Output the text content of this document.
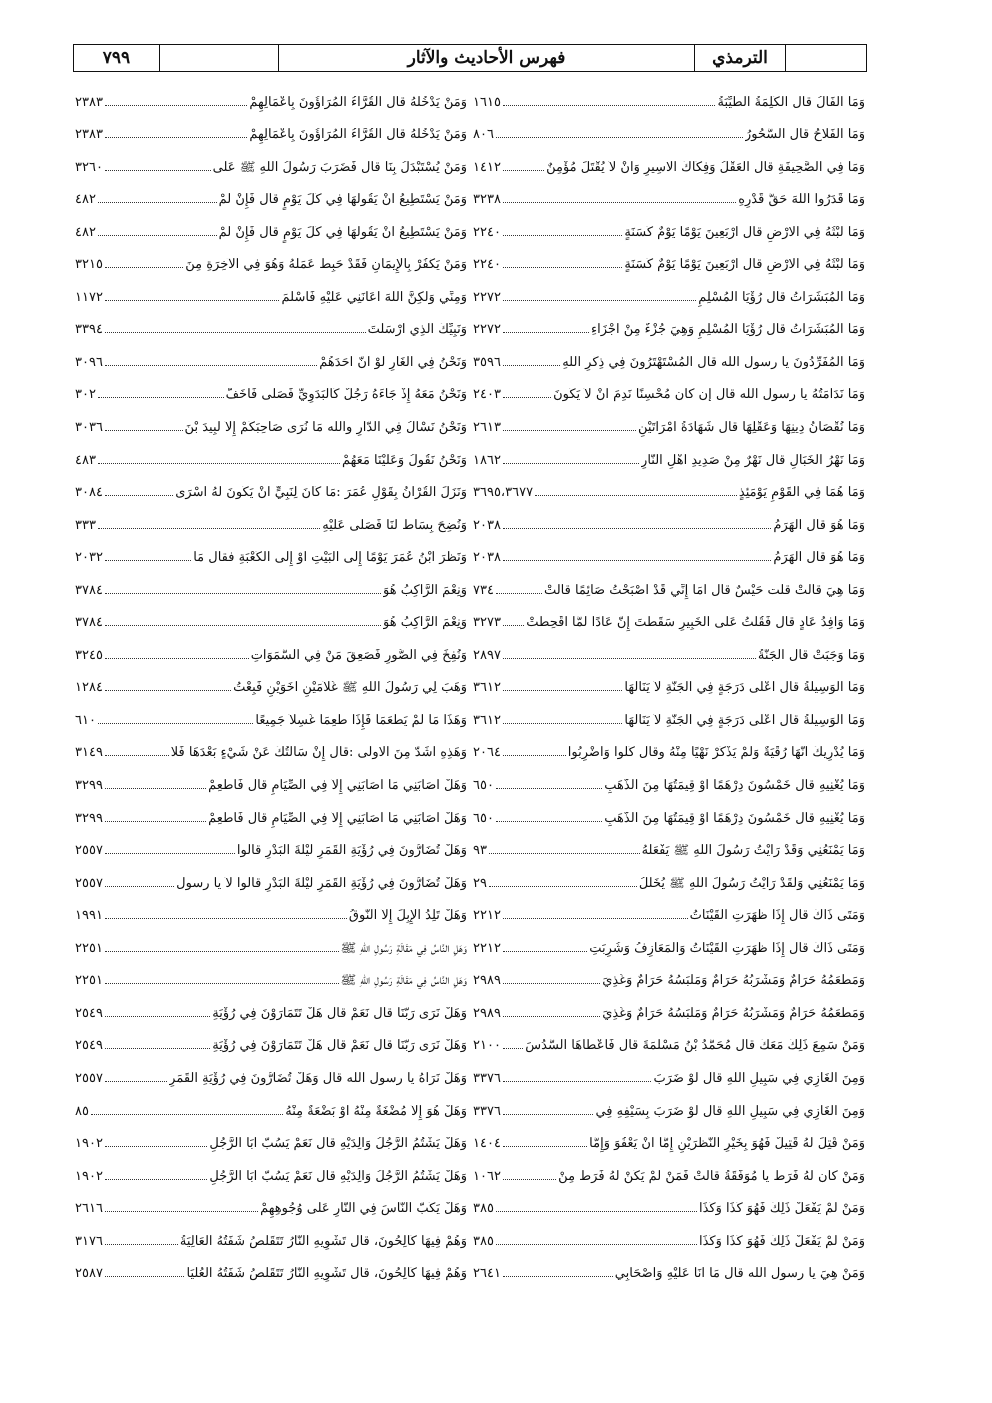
الترمذي
فهرس الأحاديث والآثار
٧٩٩
وَمَا الْفَأْلُ قال الْكَلِمَةُ الطَّيِّبَةُ
١٦١٥
وَمَا الْفَلاحُ قال السُّحُورُ
٨٠٦
وَمَا فِي الصَّحِيفَةِ قال الْعَقْلُ وَفِكَاكُ الأَسِيرِ وَأَنْ لاَ يُقْتَلَ مُؤْمِنٌ
١٤١٢
وَمَا قَدَرُوا اللهَ حَقَّ قَدْرِهِ
٣٢٣٨
وَمَا لَبْثُهُ فِي الأَرْضِ قال أَرْبَعِينَ يَوْمًا يَوْمٌ كَسَنَةٍ
٢٢٤٠
وَمَا لَبْثُهُ فِي الأَرْضِ قال أَرْبَعِينَ يَوْمًا يَوْمٌ كَسَنَةٍ
٢٢٤٠
وَمَا الْمُبَشِّرَاتُ قال رُؤْيَا الْمُسْلِمِ
٢٢٧٢
وَمَا الْمُبَشِّرَاتُ قال رُؤْيَا الْمُسْلِمِ وَهِيَ جُزْءٌ مِنْ أَجْزَاءِ
٢٢٧٢
وَمَا الْمُفَرِّدُونَ يا رسول الله قال الْمُسْتَهْتَرُونَ فِي ذِكْرِ اللهِ
٣٥٩٦
وَمَا نَدَامَتُهُ يا رسول الله قال إن كان مُحْسِنًا نَدِمَ أَنْ لاَ يَكُونَ
٢٤٠٣
وَمَا نُقْصَانُ دِينِهَا وَعَقْلِهَا قال شَهَادَةُ امْرَأَتَيْنِ
٢٦١٣
وَمَا نَهْرُ الْخَبَالِ قال نَهْرٌ مِنْ صَدِيدِ أَهْلِ النَّارِ
١٨٦٢
وَمَا هُمَا فِي الْقَوْمِ يَوْمَئِذٍ
٣٦٩٥،٣٦٧٧
وَمَا هُوَ قال الْهَرَمُ
٢٠٣٨
وَمَا هُوَ قال الْهَرَمُ
٢٠٣٨
وَمَا هِيَ قالتْ قلت حَيْسٌ قال أَمَا إِنِّي قَدْ أَصْبَحْتُ صَائِمًا قالتْ
٧٣٤
وَمَا وَافِدُ عَادٍ قال فَقُلْتُ عَلَى الْخَبِيرِ سَقَطْتَ إِنَّ عَادًا لَمَّا أُقْحِطَتْ
٣٢٧٣
وَمَا وَجَبَتْ قال الْجَنَّةُ
٢٨٩٧
وَمَا الْوَسِيلَةُ قال أَعْلَى دَرَجَةٍ فِي الْجَنَّةِ لاَ يَنَالُهَا
٣٦١٢
وَمَا الْوَسِيلَةُ قال أَعْلَى دَرَجَةٍ فِي الْجَنَّةِ لاَ يَنَالُهَا
٣٦١٢
وَمَا يُدْرِيكَ أَنَّهَا رُقْيَةٌ وَلَمْ يَذْكُرْ نَهْيًا مِنْهُ وقال كُلُوا وَاضْرِبُوا
٢٠٦٤
وَمَا يُغْنِيهِ قال خَمْسُونَ دِرْهَمًا أَوْ قِيمَتُهَا مِنَ الذَّهَبِ
٦٥٠
وَمَا يُغْنِيهِ قال خَمْسُونَ دِرْهَمًا أَوْ قِيمَتُهَا مِنَ الذَّهَبِ
٦٥٠
وَمَا يَمْنَعُنِي وَقَدْ رَأَيْتُ رَسُولَ اللهِ ﷺ يَفْعَلُهُ
٩٣
وَمَا يَمْنَعُنِي وَلَقَدْ رَأَيْتُ رَسُولَ اللهِ ﷺ يُخَلِّلُ
٢٩
وَمَتَى ذَاكَ قال إِذَا ظَهَرَتِ الْقَيْنَاتُ
٢٢١٢
وَمَتَى ذَاكَ قال إِذَا ظَهَرَتِ الْقَيْنَاتُ وَالْمَعَازِفُ وَشُرِبَتِ
٢٢١٢
وَمَطْعَمُهُ حَرَامٌ وَمَشْرَبُهُ حَرَامٌ وَمَلْبَسُهُ حَرَامٌ وَغُذِيَ
٢٩٨٩
وَمَطْعَمُهُ حَرَامٌ وَمَشْرَبُهُ حَرَامٌ وَمَلْبَسُهُ حَرَامٌ وَغُذِيَ
٢٩٨٩
وَمَنْ سَمِعَ ذَلِكَ مَعَكَ قال مُحَمَّدُ بْنُ مَسْلَمَةَ قال فَأَعْطَاهَا السُّدُسَ
٢١٠٠
وَمِنَ الْغَازِي فِي سَبِيلِ اللهِ قال لَوْ ضَرَبَ
٣٣٧٦
وَمِنَ الْغَازِي فِي سَبِيلِ اللهِ قال لَوْ ضَرَبَ بِسَيْفِهِ فِي
٣٣٧٦
وَمَنْ قُتِلَ لَهُ قَتِيلٌ فَهُوَ بِخَيْرِ النَّظَرَيْنِ إِمَّا أَنْ يَعْفُوَ وَإِمَّا
١٤٠٤
وَمَنْ كان لَهُ فَرَطٌ يا مُوَفَّقَةُ قالتْ فَمَنْ لَمْ يَكُنْ لَهُ فَرَطٌ مِنْ
١٠٦٢
وَمَنْ لَمْ يَفْعَلْ ذَلِكَ فَهُوَ كَذَا وَكَذَا
٣٨٥
وَمَنْ لَمْ يَفْعَلْ ذَلِكَ فَهُوَ كَذَا وَكَذَا
٣٨٥
وَمَنْ هِيَ يا رسول الله قال مَا أَنَا عَلَيْهِ وَأَصْحَابِي
٢٦٤١
وَمَنْ يَدْخُلُهُ قال الْقُرَّاءُ الْمُرَاؤُونَ بِأَعْمَالِهِمْ
٢٣٨٣
وَمَنْ يَدْخُلُهُ قال الْقُرَّاءُ الْمُرَاؤُونَ بِأَعْمَالِهِمْ
٢٣٨٣
وَمَنْ يُسْتَبْدَلُ بِنَا قال فَضَرَبَ رَسُولُ اللهِ ﷺ عَلَى
٣٢٦٠
وَمَنْ يَسْتَطِيعُ أَنْ يَقُولَهَا فِي كُلِّ يَوْمٍ قال فَإِنْ لَمْ
٤٨٢
وَمَنْ يَسْتَطِيعُ أَنْ يَقُولَهَا فِي كُلِّ يَوْمٍ قال فَإِنْ لَمْ
٤٨٢
وَمَنْ يَكْفُرْ بِالإِيمَانِ فَقَدْ حَبِطَ عَمَلُهُ وَهُوَ فِي الآخِرَةِ مِنَ
٣٢١٥
وَمِنِّي وَلَكِنَّ اللهَ أَعَانَنِي عَلَيْهِ فَأَسْلَمَ
١١٧٢
وَنَبِيِّكَ الَّذِي أَرْسَلْتَ
٣٣٩٤
وَنَحْنُ فِي الْغَارِ لَوْ أَنَّ أَحَدَهُمْ
٣٠٩٦
وَنَحْنُ مَعَهُ إِذْ جَاءَهُ رَجُلٌ كَالْبَدَوِيِّ فَصَلَّى فَأَخَفَّ
٣٠٢
وَنَحْنُ نَسْأَلُ فِي الدَّارِ والله مَا نُرَى صَاحِبَكُمْ إِلاَّ لَبِيدَ بْنَ
٣٠٣٦
وَنَحْنُ نَقُولُ وَعَلَيْنَا مَعَهُمْ
٤٨٣
وَنَزَلَ الْقُرْآنُ بِقَوْلِ عُمَرَ :مَا كَانَ لِنَبِيٍّ أَنْ يَكُونَ لَهُ أَسْرَى
٣٠٨٤
وَنُضِحَ بِسَاطٌ لَنَا فَصَلَّى عَلَيْهِ
٣٣٣
وَنَظَرَ ابْنُ عُمَرَ يَوْمًا إِلَى الْبَيْتِ أَوْ إِلَى الْكَعْبَةِ فقال مَا
٢٠٣٢
وَنِعْمَ الرَّاكِبُ هُوَ
٣٧٨٤
وَنِعْمَ الرَّاكِبُ هُوَ
٣٧٨٤
وَنُفِخَ فِي الصُّورِ فَصَعِقَ مَنْ فِي السَّمَوَاتِ
٣٢٤٥
وَهَبَ لِي رَسُولُ اللهِ ﷺ غُلاَمَيْنِ أَخَوَيْنِ فَبِعْتُ
١٢٨٤
وَهَذَا مَا لَمْ يَطْعَمَا فَإِذَا طَعِمَا غُسِلاَ جَمِيعًا
٦١٠
وَهَذِهِ أَشَدُّ مِنَ الأُولَى :قال إِنْ سَأَلْتُكَ عَنْ شَيْءٍ بَعْدَهَا فَلاَ
٣١٤٩
وَهَلْ أَصَابَنِي مَا أَصَابَنِي إِلاَّ فِي الصِّيَامِ قال فَأَطْعِمْ
٣٢٩٩
وَهَلْ أَصَابَنِي مَا أَصَابَنِي إِلاَّ فِي الصِّيَامِ قال فَأَطْعِمْ
٣٢٩٩
وَهَلْ تُضَارُّونَ فِي رُؤْيَةِ الْقَمَرِ لَيْلَةَ الْبَدْرِ قالوا
٢٥٥٧
وَهَلْ تُضَارُّونَ فِي رُؤْيَةِ الْقَمَرِ لَيْلَةَ الْبَدْرِ قالوا لاَ يا رسول
٢٥٥٧
وَهَلْ تَلِدُ الإِبِلَ إِلاَّ النُّوقُ
١٩٩١
وَهَلِ النَّاسُ فِي مَقَالَةِ رَسُولِ اللهِ ﷺ
٢٢٥١
وَهَلِ النَّاسُ فِي مَقَالَةِ رَسُولِ اللهِ ﷺ
٢٢٥١
وَهَلْ نَرَى رَبَّنَا قال نَعَمْ قال هَلْ تَتَمَارَوْنَ فِي رُؤْيَةِ
٢٥٤٩
وَهَلْ نَرَى رَبَّنَا قال نَعَمْ قال هَلْ تَتَمَارَوْنَ فِي رُؤْيَةِ
٢٥٤٩
وَهَلْ نَرَاهُ يا رسول الله قال وَهَلْ تُضَارُّونَ فِي رُؤْيَةِ الْقَمَرِ
٢٥٥٧
وَهَلْ هُوَ إِلاَّ مُضْغَةٌ مِنْهُ أَوْ بَضْعَةٌ مِنْهُ
٨٥
وَهَلْ يَشْتُمُ الرَّجُلُ وَالِدَيْهِ قال نَعَمْ يَسُبُّ أَبَا الرَّجُلِ
١٩٠٢
وَهَلْ يَشْتُمُ الرَّجُلُ وَالِدَيْهِ قال نَعَمْ يَسُبُّ أَبَا الرَّجُلِ
١٩٠٢
وَهَلْ يَكُبُّ النَّاسَ فِي النَّارِ عَلَى وُجُوهِهِمْ
٢٦١٦
وَهُمْ فِيهَا كَالِحُونَ، قال تَشْوِيهِ النَّارُ تَتَقَلَّصُ شَفَتُهُ الْعَالِيَةُ
٣١٧٦
وَهُمْ فِيهَا كَالِحُونَ، قال تَشْوِيهِ النَّارُ تَتَقَلَّصُ شَفَتُهُ الْعُلْيَا
٢٥٨٧
